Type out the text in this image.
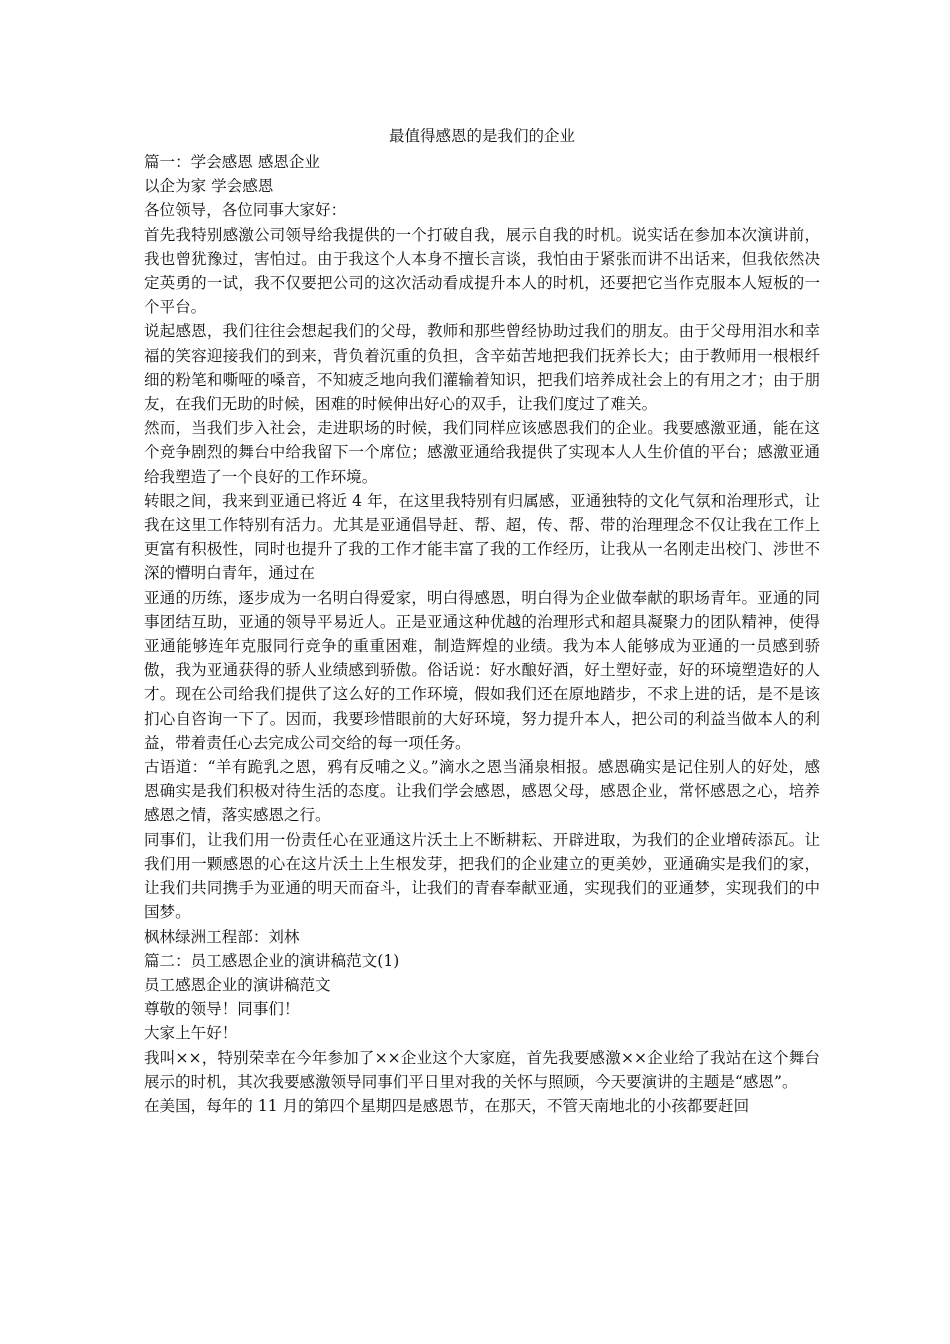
最值得感恩的是我们的企业

篇一：学会感恩 感恩企业

以企为家 学会感恩

各位领导，各位同事大家好：

首先我特别感激公司领导给我提供的一个打破自我，展示自我的时机。说实话在参加本次演讲前，我也曾犹豫过，害怕过。由于我这个人本身不擅长言谈，我怕由于紧张而讲不出话来，但我依然决定英勇的一试，我不仅要把公司的这次活动看成提升本人的时机，还要把它当作克服本人短板的一个平台。

说起感恩，我们往往会想起我们的父母，教师和那些曾经协助过我们的朋友。由于父母用泪水和幸福的笑容迎接我们的到来，背负着沉重的负担，含辛茹苦地把我们抚养长大；由于教师用一根根纤细的粉笔和嘶哑的嗓音，不知疲乏地向我们灌输着知识，把我们培养成社会上的有用之才；由于朋友，在我们无助的时候，困难的时候伸出好心的双手，让我们度过了难关。

然而，当我们步入社会，走进职场的时候，我们同样应该感恩我们的企业。我要感激亚通，能在这个竞争剧烈的舞台中给我留下一个席位；感激亚通给我提供了实现本人人生价值的平台；感激亚通给我塑造了一个良好的工作环境。

转眼之间，我来到亚通已将近 4 年，在这里我特别有归属感，亚通独特的文化气氛和治理形式，让我在这里工作特别有活力。尤其是亚通倡导赶、帮、超，传、帮、带的治理理念不仅让我在工作上更富有积极性，同时也提升了我的工作才能丰富了我的工作经历，让我从一名刚走出校门、涉世不深的懵明白青年，通过在

亚通的历练，逐步成为一名明白得爱家，明白得感恩，明白得为企业做奉献的职场青年。亚通的同事团结互助，亚通的领导平易近人。正是亚通这种优越的治理形式和超具凝聚力的团队精神，使得亚通能够连年克服同行竞争的重重困难，制造辉煌的业绩。我为本人能够成为亚通的一员感到骄傲，我为亚通获得的骄人业绩感到骄傲。俗话说：好水酿好酒，好土塑好壶，好的环境塑造好的人才。现在公司给我们提供了这么好的工作环境，假如我们还在原地踏步，不求上进的话，是不是该扪心自咨询一下了。因而，我要珍惜眼前的大好环境，努力提升本人，把公司的利益当做本人的利益，带着责任心去完成公司交给的每一项任务。

古语道：“羊有跪乳之恩，鸦有反哺之义。”滴水之恩当涌泉相报。感恩确实是记住别人的好处，感恩确实是我们积极对待生活的态度。让我们学会感恩，感恩父母，感恩企业，常怀感恩之心，培养感恩之情，落实感恩之行。

同事们，让我们用一份责任心在亚通这片沃土上不断耕耘、开辟进取，为我们的企业增砖添瓦。让我们用一颗感恩的心在这片沃土上生根发芽，把我们的企业建立的更美妙，亚通确实是我们的家，让我们共同携手为亚通的明天而奋斗，让我们的青春奉献亚通，实现我们的亚通梦，实现我们的中国梦。

枫林绿洲工程部：刘林

篇二：员工感恩企业的演讲稿范文(1)

员工感恩企业的演讲稿范文

尊敬的领导！同事们！

大家上午好！

我叫××，特别荣幸在今年参加了××企业这个大家庭，首先我要感激××企业给了我站在这个舞台展示的时机，其次我要感激领导同事们平日里对我的关怀与照顾，今天要演讲的主题是“感恩”。

在美国，每年的 11 月的第四个星期四是感恩节，在那天，不管天南地北的小孩都要赶回
